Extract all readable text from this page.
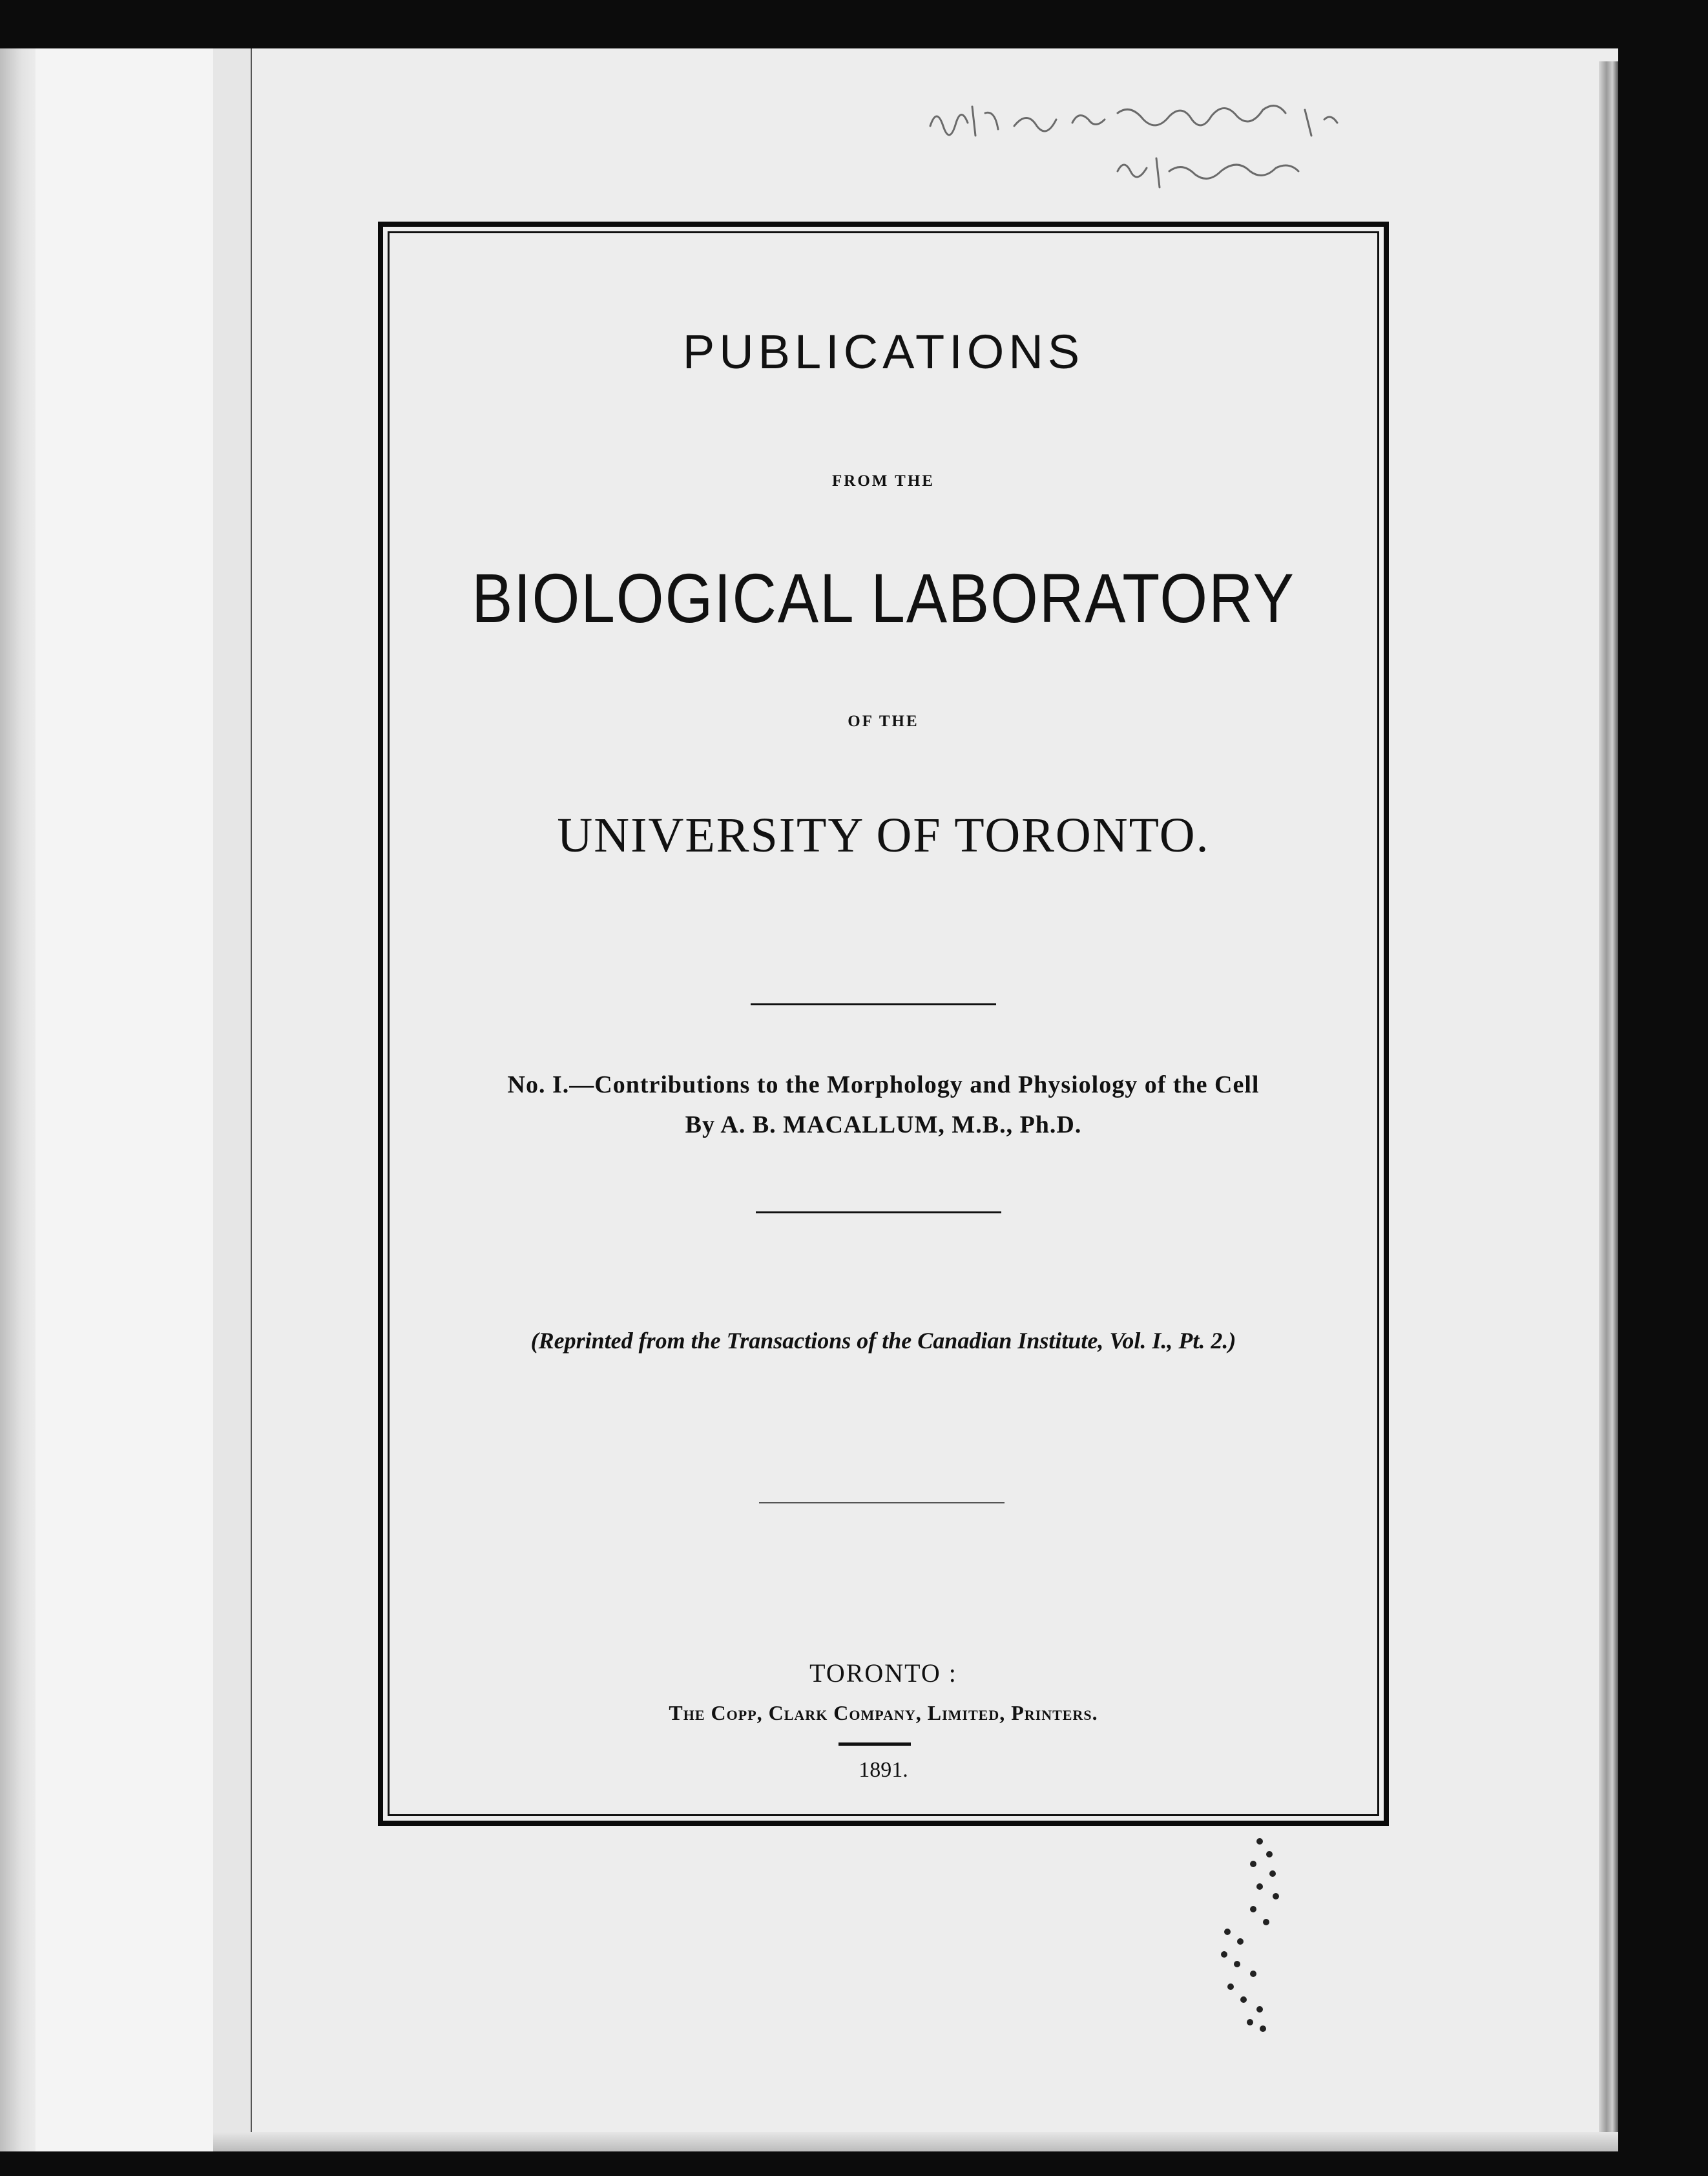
PUBLICATIONS
FROM THE
BIOLOGICAL LABORATORY
OF THE
UNIVERSITY OF TORONTO.
No. I.—Contributions to the Morphology and Physiology of the Cell
By A. B. MACALLUM, M.B., Ph.D.
(Reprinted from the Transactions of the Canadian Institute, Vol. I., Pt. 2.)
TORONTO :
The Copp, Clark Company, Limited, Printers.
1891.
